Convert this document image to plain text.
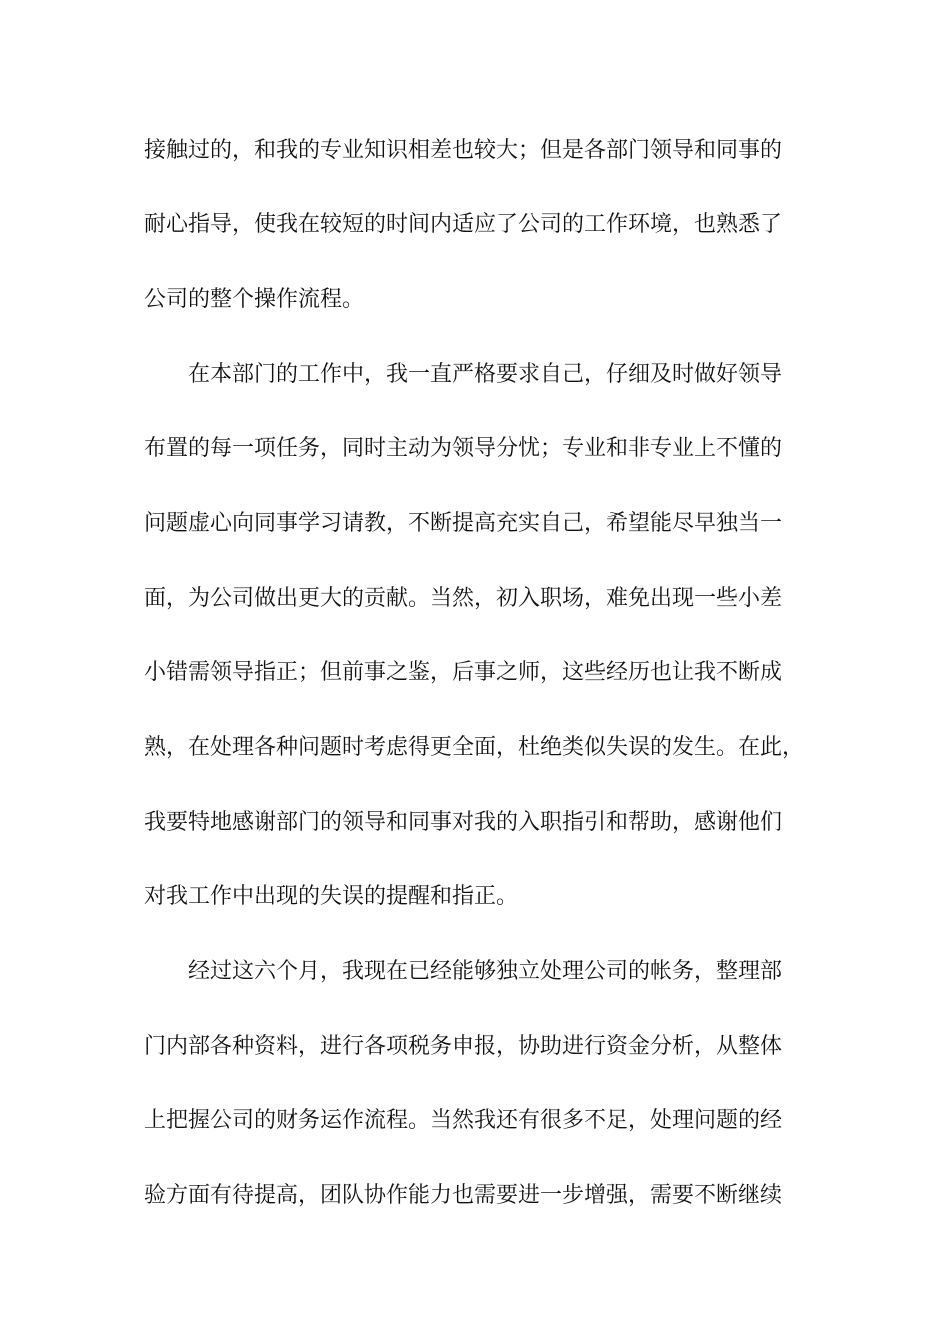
接触过的，和我的专业知识相差也较大；但是各部门领导和同事的
耐心指导，使我在较短的时间内适应了公司的工作环境，也熟悉了
公司的整个操作流程。
在本部门的工作中，我一直严格要求自己，仔细及时做好领导
布置的每一项任务，同时主动为领导分忧；专业和非专业上不懂的
问题虚心向同事学习请教，不断提高充实自己，希望能尽早独当一
面，为公司做出更大的贡献。当然，初入职场，难免出现一些小差
小错需领导指正；但前事之鉴，后事之师，这些经历也让我不断成
熟，在处理各种问题时考虑得更全面，杜绝类似失误的发生。在此，
我要特地感谢部门的领导和同事对我的入职指引和帮助，感谢他们
对我工作中出现的失误的提醒和指正。
经过这六个月，我现在已经能够独立处理公司的帐务，整理部
门内部各种资料，进行各项税务申报，协助进行资金分析，从整体
上把握公司的财务运作流程。当然我还有很多不足，处理问题的经
验方面有待提高，团队协作能力也需要进一步增强，需要不断继续
